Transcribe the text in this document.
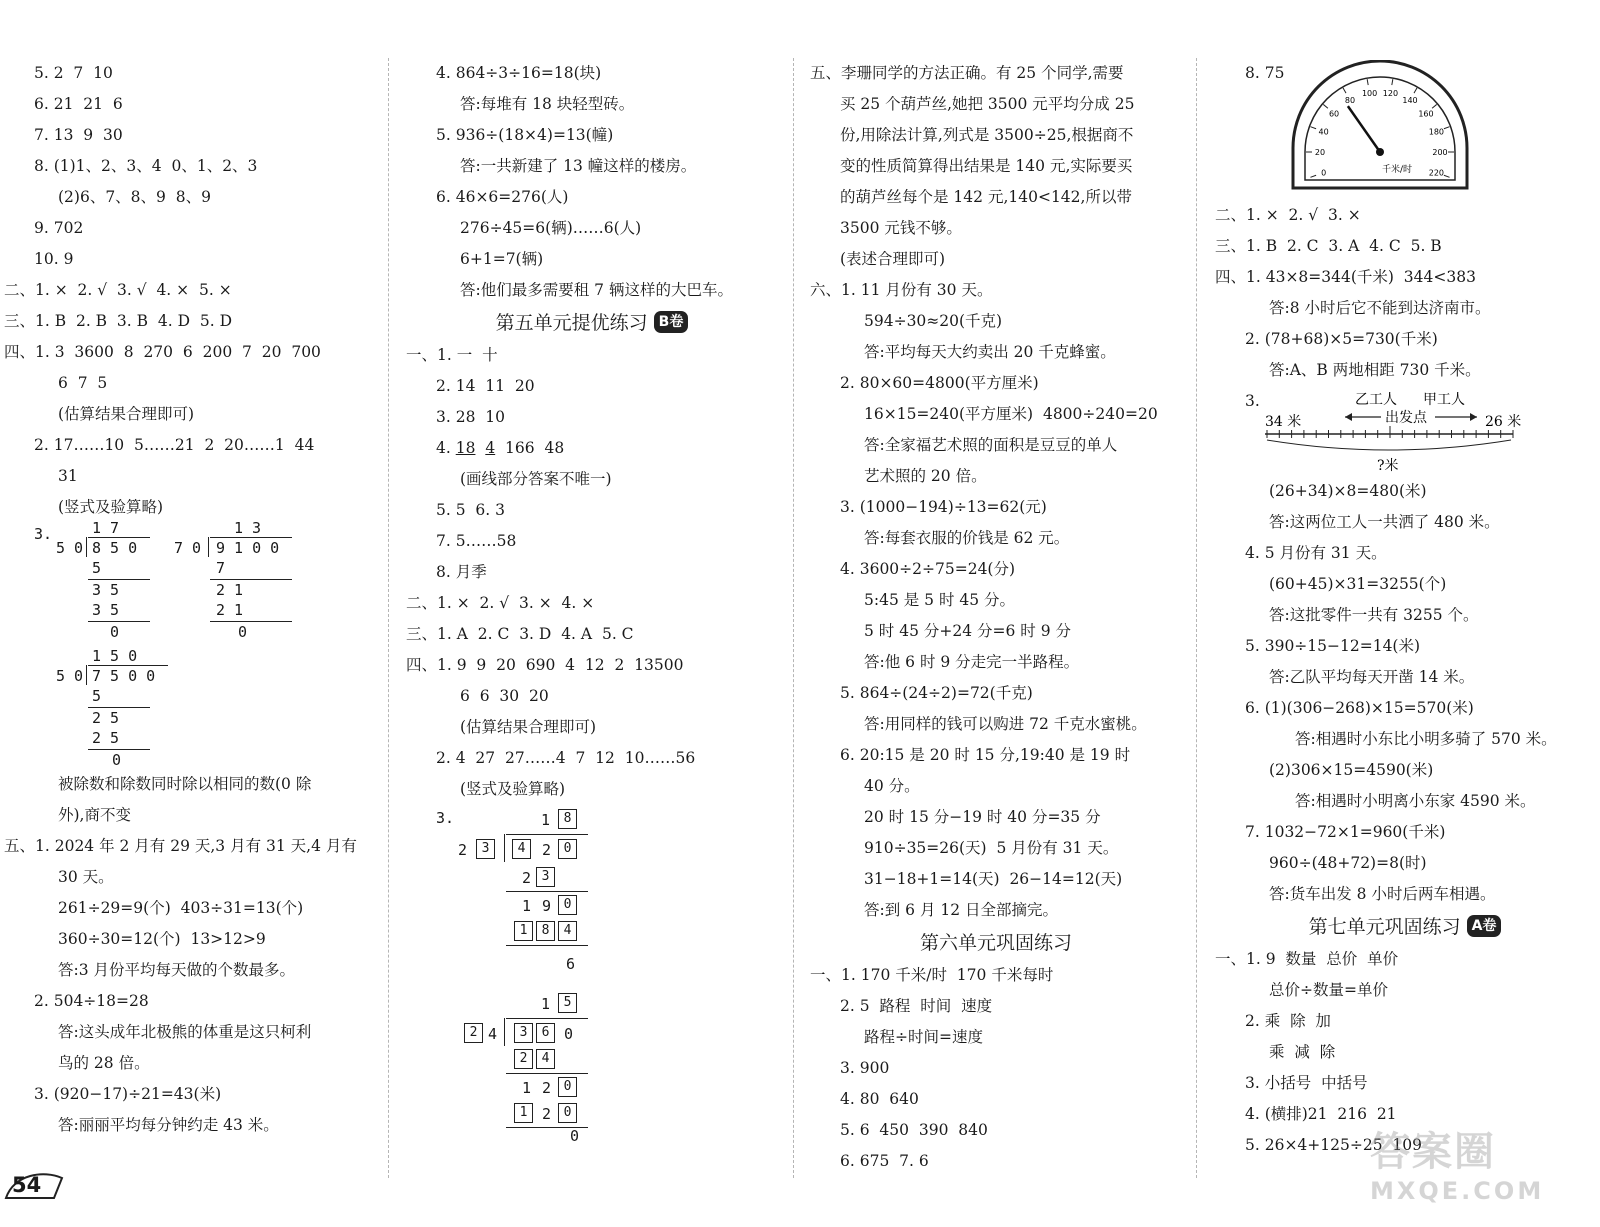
5. 2  7  10
6. 21  21  6
7. 13  9  30
8. (1)1、2、3、4  0、1、2、3
(2)6、7、8、9  8、9
9. 702
10. 9
二、1. ×  2. √  3. √  4. ×  5. ×
三、1. B  2. B  3. B  4. D  5. D
四、1. 3  3600  8  270  6  200  7  20  700
6  7  5
(估算结果合理即可)
2. 17……10  5……21  2  20……1  44
31
(竖式及验算略)
3.	1 7
5 0 8 5 0
5
3 5
3 5
0
1 3
7 0 9 1 0 0
7
2 1
2 1
0
1 5 0
5 0 7 5 0 0
5
2 5
2 5
0
被除数和除数同时除以相同的数(0 除
外),商不变
五、1. 2024 年 2 月有 29 天,3 月有 31 天,4 月有
30 天。
261÷29=9(个)  403÷31=13(个)
360÷30=12(个)  13>12>9
答:3 月份平均每天做的个数最多。
2. 504÷18=28
答:这头成年北极熊的体重是这只柯利
鸟的 28 倍。
3. (920−17)÷21=43(米)
答:丽丽平均每分钟约走 43 米。
4. 864÷3÷16=18(块)
答:每堆有 18 块轻型砖。
5. 936÷(18×4)=13(幢)
答:一共新建了 13 幢这样的楼房。
6. 46×6=276(人)
276÷45=6(辆)……6(人)
6+1=7(辆)
答:他们最多需要租 7 辆这样的大巴车。
第五单元提优练习 B卷
一、1. 一  十
2. 14  11  20
3. 28  10
4. 18 4 166  48
(画线部分答案不唯一)
5. 5  6. 3
7. 5……58
8. 月季
二、1. ×  2. √  3. ×  4. ×
三、1. A  2. C  3. D  4. A  5. C
四、1. 9  9  20  690  4  12  2  13500
6  6  30  20
(估算结果合理即可)
2. 4  27  27……4  7  12  10……56
(竖式及验算略)
3.	1	8
2	3	4	2 0
2 3
1 9 0
1	8	4
6
1	5
2 4	3	6 0
2	4
1 2 0
1 2 0
0
五、李珊同学的方法正确。有 25 个同学,需要
买 25 个葫芦丝,她把 3500 元平均分成 25
份,用除法计算,列式是 3500÷25,根据商不
变的性质简算得出结果是 140 元,实际要买
的葫芦丝每个是 142 元,140<142,所以带
3500 元钱不够。
(表述合理即可)
六、1. 11 月份有 30 天。
594÷30≈20(千克)
答:平均每天大约卖出 20 千克蜂蜜。
2. 80×60=4800(平方厘米)
16×15=240(平方厘米)  4800÷240=20
答:全家福艺术照的面积是豆豆的单人
艺术照的 20 倍。
3. (1000−194)÷13=62(元)
答:每套衣服的价钱是 62 元。
4. 3600÷2÷75=24(分)
5:45 是 5 时 45 分。
5 时 45 分+24 分=6 时 9 分
答:他 6 时 9 分走完一半路程。
5. 864÷(24÷2)=72(千克)
答:用同样的钱可以购进 72 千克水蜜桃。
6. 20:15 是 20 时 15 分,19:40 是 19 时
40 分。
20 时 15 分−19 时 40 分=35 分
910÷35=26(天)  5 月份有 31 天。
31−18+1=14(天)  26−14=12(天)
答:到 6 月 12 日全部摘完。
第六单元巩固练习
一、1. 170 千米/时  170 千米每时
2. 5  路程  时间  速度
路程÷时间=速度
3. 900
4. 80  640
5. 6  450  390  840
6. 675  7. 6
8. 75
0
20
40
60
80
100 120
140
160
180
200
220
千米/时
二、1. ×  2. √  3. ×
三、1. B  2. C  3. A  4. C  5. B
四、1. 43×8=344(千米)  344<383
答:8 小时后它不能到达济南市。
2. (78+68)×5=730(千米)
答:A、B 两地相距 730 千米。
3.	乙工人 甲工人
34 米	26 米
出发点
?米
(26+34)×8=480(米)
答:这两位工人一共洒了 480 米。
4. 5 月份有 31 天。
(60+45)×31=3255(个)
答:这批零件一共有 3255 个。
5. 390÷15−12=14(米)
答:乙队平均每天开凿 14 米。
6. (1)(306−268)×15=570(米)
答:相遇时小东比小明多骑了 570 米。
(2)306×15=4590(米)
答:相遇时小明离小东家 4590 米。
7. 1032−72×1=960(千米)
960÷(48+72)=8(时)
答:货车出发 8 小时后两车相遇。
第七单元巩固练习 A卷
一、1. 9  数量  总价  单价
总价÷数量=单价
2. 乘  除  加
乘  减  除
3. 小括号  中括号
4. (横排)21  216  21
5. 26×4+125÷25  109
54
答案圈
MXQE.COM
